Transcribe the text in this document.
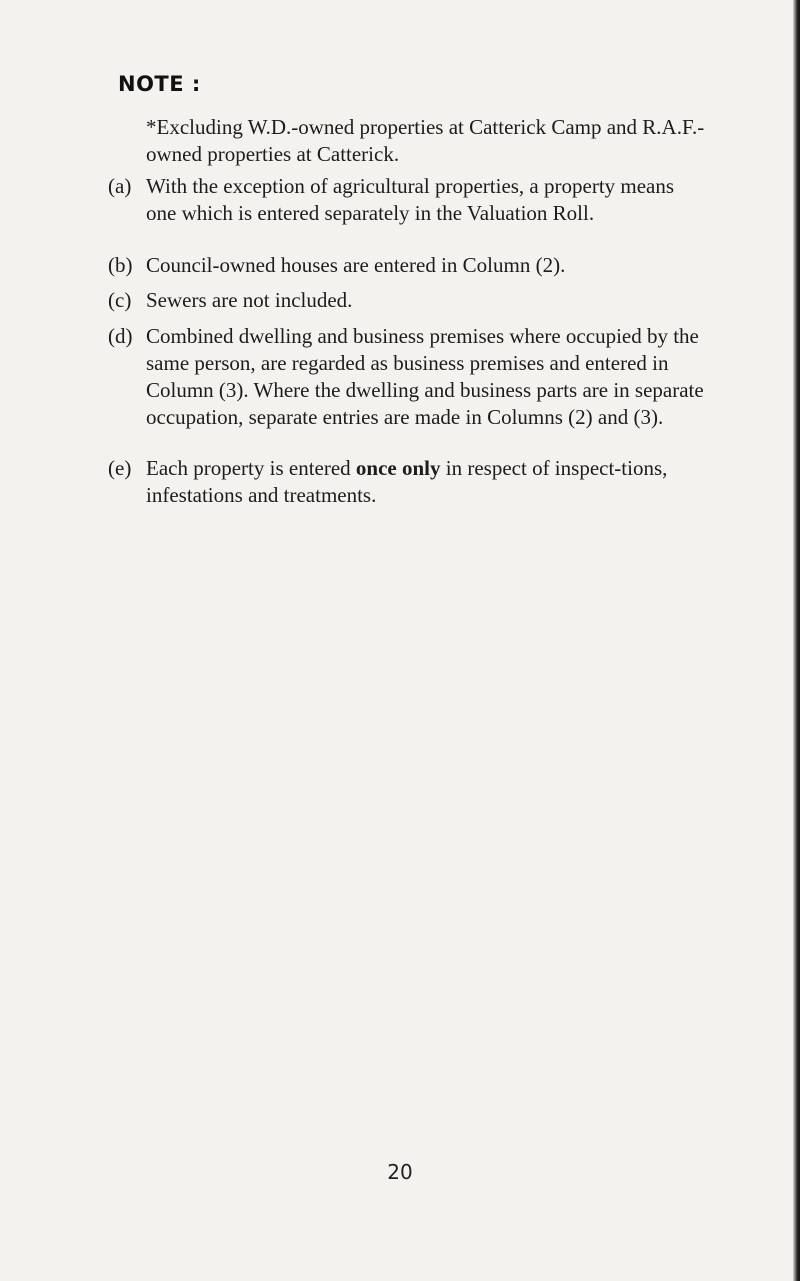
NOTE :
*Excluding W.D.-owned properties at Catterick Camp and R.A.F.-owned properties at Catterick.
(a) With the exception of agricultural properties, a property means one which is entered separately in the Valuation Roll.
(b) Council-owned houses are entered in Column (2).
(c) Sewers are not included.
(d) Combined dwelling and business premises where occupied by the same person, are regarded as business premises and entered in Column (3). Where the dwelling and business parts are in separate occupation, separate entries are made in Columns (2) and (3).
(e) Each property is entered once only in respect of inspect-tions, infestations and treatments.
20
